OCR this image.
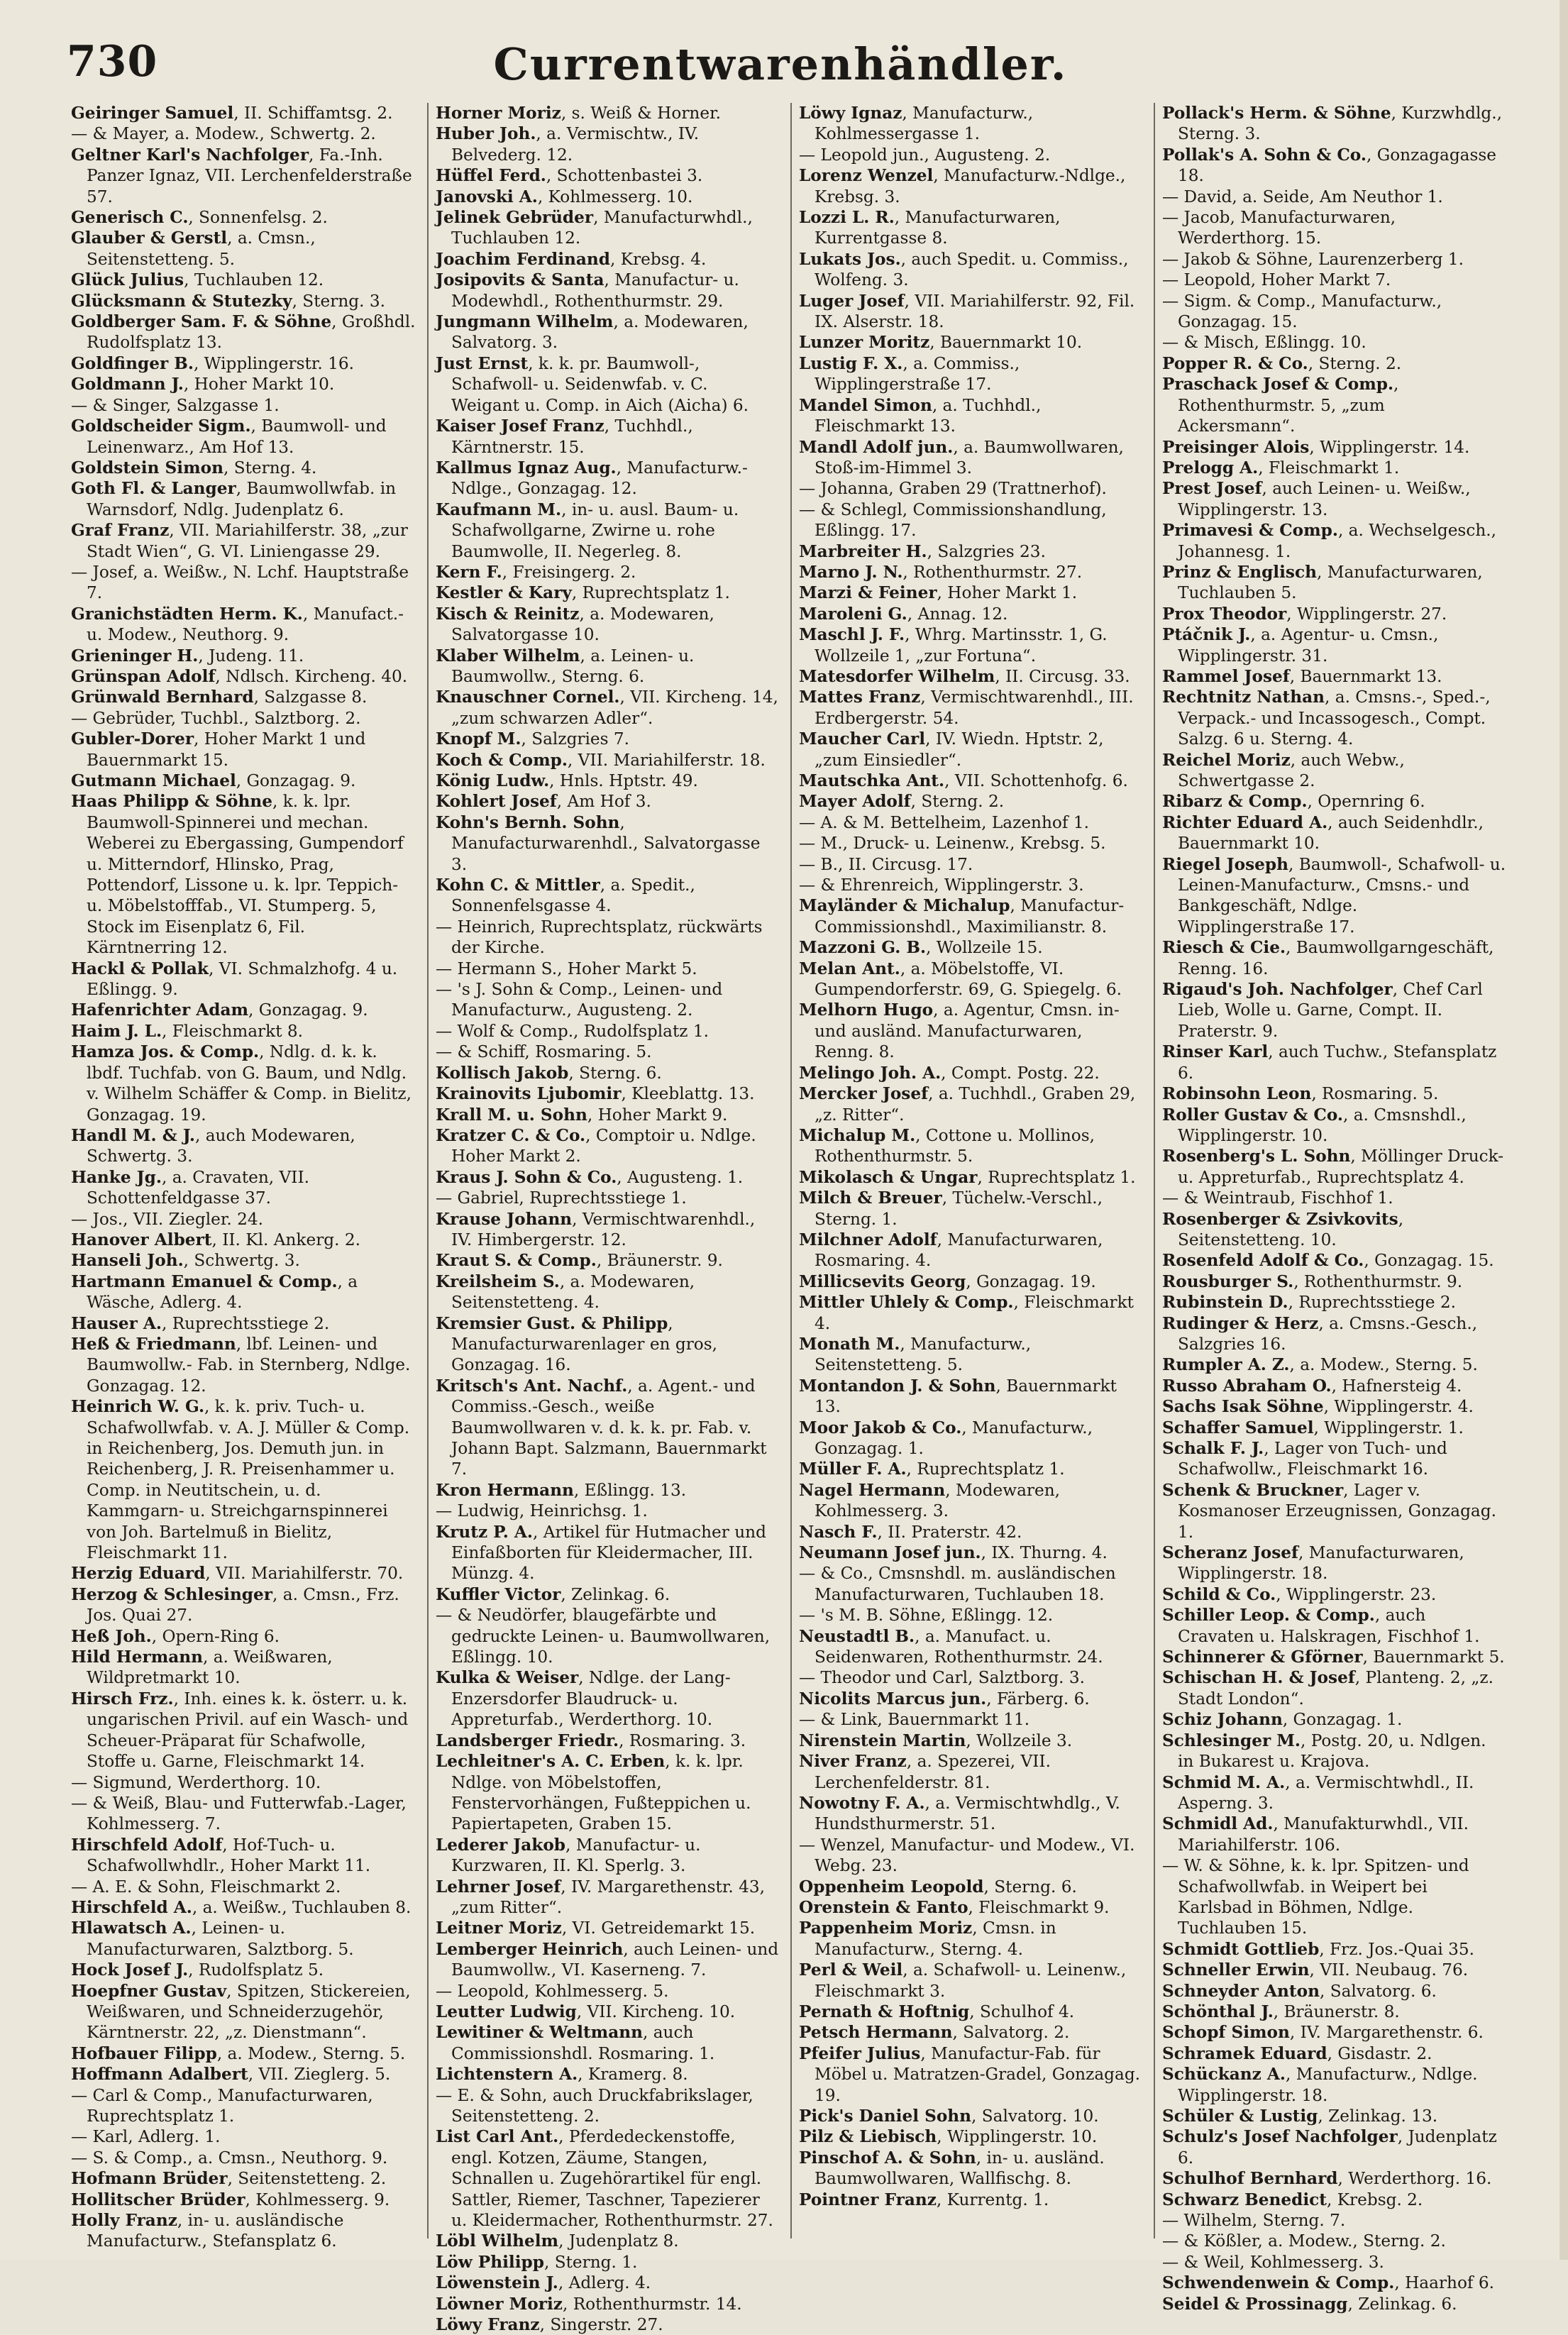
730	Currentwarenhändler.

Geiringer Samuel, II. Schiffamtsg. 2.

— & Mayer, a. Modew., Schwertg. 2.

Geltner Karl's Nachfolger, Fa.-Inh. Panzer Ignaz, VII. Lerchenfelderstraße 57.

Generisch C., Sonnenfelsg. 2.

Glauber & Gerstl, a. Cmsn., Seitenstetteng. 5.

Glück Julius, Tuchlauben 12.

Glücksmann & Stutezky, Sterng. 3.

Goldberger Sam. F. & Söhne, Großhdl. Rudolfsplatz 13.

Goldfinger B., Wipplingerstr. 16.

Goldmann J., Hoher Markt 10.

— & Singer, Salzgasse 1.

Goldscheider Sigm., Baumwoll- und Leinenwarz., Am Hof 13.

Goldstein Simon, Sterng. 4.

Goth Fl. & Langer, Baumwollwfab. in Warnsdorf, Ndlg. Judenplatz 6.

Graf Franz, VII. Mariahilferstr. 38, „zur Stadt Wien“, G. VI. Liniengasse 29.

— Josef, a. Weißw., N. Lchf. Hauptstraße 7.

Granichstädten Herm. K., Manufact.- u. Modew., Neuthorg. 9.

Grieninger H., Judeng. 11.

Grünspan Adolf, Ndlsch. Kircheng. 40.

Grünwald Bernhard, Salzgasse 8.

— Gebrüder, Tuchbl., Salztborg. 2.

Gubler-Dorer, Hoher Markt 1 und Bauernmarkt 15.

Gutmann Michael, Gonzagag. 9.

Haas Philipp & Söhne, k. k. lpr. Baumwoll-Spinnerei und mechan. Weberei zu Ebergassing, Gumpendorf u. Mitterndorf, Hlinsko, Prag, Pottendorf, Lissone u. k. lpr. Teppich- u. Möbelstofffab., VI. Stumperg. 5, Stock im Eisenplatz 6, Fil. Kärntnerring 12.

Hackl & Pollak, VI. Schmalzhofg. 4 u. Eßlingg. 9.

Hafenrichter Adam, Gonzagag. 9.

Haim J. L., Fleischmarkt 8.

Hamza Jos. & Comp., Ndlg. d. k. k. lbdf. Tuchfab. von G. Baum, und Ndlg. v. Wilhelm Schäffer & Comp. in Bielitz, Gonzagag. 19.

Handl M. & J., auch Modewaren, Schwertg. 3.

Hanke Jg., a. Cravaten, VII. Schottenfeldgasse 37.

— Jos., VII. Ziegler. 24.

Hanover Albert, II. Kl. Ankerg. 2.

Hanseli Joh., Schwertg. 3.

Hartmann Emanuel & Comp., a Wäsche, Adlerg. 4.

Hauser A., Ruprechtsstiege 2.

Heß & Friedmann, lbf. Leinen- und Baumwollw.- Fab. in Sternberg, Ndlge. Gonzagag. 12.

Heinrich W. G., k. k. priv. Tuch- u. Schafwollwfab. v. A. J. Müller & Comp. in Reichenberg, Jos. Demuth jun. in Reichenberg, J. R. Preisenhammer u. Comp. in Neutitschein, u. d. Kammgarn- u. Streichgarnspinnerei von Joh. Bartelmuß in Bielitz, Fleischmarkt 11.

Herzig Eduard, VII. Mariahilferstr. 70.

Herzog & Schlesinger, a. Cmsn., Frz. Jos. Quai 27.

Heß Joh., Opern-Ring 6.

Hild Hermann, a. Weißwaren, Wildpretmarkt 10.

Hirsch Frz., Inh. eines k. k. österr. u. k. ungarischen Privil. auf ein Wasch- und Scheuer-Präparat für Schafwolle, Stoffe u. Garne, Fleischmarkt 14.

— Sigmund, Werderthorg. 10.

— & Weiß, Blau- und Futterwfab.-Lager, Kohlmesserg. 7.

Hirschfeld Adolf, Hof-Tuch- u. Schafwollwhdlr., Hoher Markt 11.

— A. E. & Sohn, Fleischmarkt 2.

Hirschfeld A., a. Weißw., Tuchlauben 8.

Hlawatsch A., Leinen- u. Manufacturwaren, Salztborg. 5.

Hock Josef J., Rudolfsplatz 5.

Hoepfner Gustav, Spitzen, Stickereien, Weißwaren, und Schneiderzugehör, Kärntnerstr. 22, „z. Dienstmann“.

Hofbauer Filipp, a. Modew., Sterng. 5.

Hoffmann Adalbert, VII. Zieglerg. 5.

— Carl & Comp., Manufacturwaren, Ruprechtsplatz 1.

— Karl, Adlerg. 1.

— S. & Comp., a. Cmsn., Neuthorg. 9.

Hofmann Brüder, Seitenstetteng. 2.

Hollitscher Brüder, Kohlmesserg. 9.

Holly Franz, in- u. ausländische Manufacturw., Stefansplatz 6.

Horner Moriz, s. Weiß & Horner.

Huber Joh., a. Vermischtw., IV. Belvederg. 12.

Hüffel Ferd., Schottenbastei 3.

Janovski A., Kohlmesserg. 10.

Jelinek Gebrüder, Manufacturwhdl., Tuchlauben 12.

Joachim Ferdinand, Krebsg. 4.

Josipovits & Santa, Manufactur- u. Modewhdl., Rothenthurmstr. 29.

Jungmann Wilhelm, a. Modewaren, Salvatorg. 3.

Just Ernst, k. k. pr. Baumwoll-, Schafwoll- u. Seidenwfab. v. C. Weigant u. Comp. in Aich (Aicha) 6.

Kaiser Josef Franz, Tuchhdl., Kärntnerstr. 15.

Kallmus Ignaz Aug., Manufacturw.-Ndlge., Gonzagag. 12.

Kaufmann M., in- u. ausl. Baum- u. Schafwollgarne, Zwirne u. rohe Baumwolle, II. Negerleg. 8.

Kern F., Freisingerg. 2.

Kestler & Kary, Ruprechtsplatz 1.

Kisch & Reinitz, a. Modewaren, Salvatorgasse 10.

Klaber Wilhelm, a. Leinen- u. Baumwollw., Sterng. 6.

Knauschner Cornel., VII. Kircheng. 14, „zum schwarzen Adler“.

Knopf M., Salzgries 7.

Koch & Comp., VII. Mariahilferstr. 18.

König Ludw., Hnls. Hptstr. 49.

Kohlert Josef, Am Hof 3.

Kohn's Bernh. Sohn, Manufacturwarenhdl., Salvatorgasse 3.

Kohn C. & Mittler, a. Spedit., Sonnenfelsgasse 4.

— Heinrich, Ruprechtsplatz, rückwärts der Kirche.

— Hermann S., Hoher Markt 5.

— 's J. Sohn & Comp., Leinen- und Manufacturw., Augusteng. 2.

— Wolf & Comp., Rudolfsplatz 1.

— & Schiff, Rosmaring. 5.

Kollisch Jakob, Sterng. 6.

Krainovits Ljubomir, Kleeblattg. 13.

Krall M. u. Sohn, Hoher Markt 9.

Kratzer C. & Co., Comptoir u. Ndlge. Hoher Markt 2.

Kraus J. Sohn & Co., Augusteng. 1.

— Gabriel, Ruprechtsstiege 1.

Krause Johann, Vermischtwarenhdl., IV. Himbergerstr. 12.

Kraut S. & Comp., Bräunerstr. 9.

Kreilsheim S., a. Modewaren, Seitenstetteng. 4.

Kremsier Gust. & Philipp, Manufacturwarenlager en gros, Gonzagag. 16.

Kritsch's Ant. Nachf., a. Agent.- und Commiss.-Gesch., weiße Baumwollwaren v. d. k. k. pr. Fab. v. Johann Bapt. Salzmann, Bauernmarkt 7.

Kron Hermann, Eßlingg. 13.

— Ludwig, Heinrichsg. 1.

Krutz P. A., Artikel für Hutmacher und Einfaßborten für Kleidermacher, III. Münzg. 4.

Kuffler Victor, Zelinkag. 6.

— & Neudörfer, blaugefärbte und gedruckte Leinen- u. Baumwollwaren, Eßlingg. 10.

Kulka & Weiser, Ndlge. der Lang-Enzersdorfer Blaudruck- u. Appreturfab., Werderthorg. 10.

Landsberger Friedr., Rosmaring. 3.

Lechleitner's A. C. Erben, k. k. lpr. Ndlge. von Möbelstoffen, Fenstervorhängen, Fußteppichen u. Papiertapeten, Graben 15.

Lederer Jakob, Manufactur- u. Kurzwaren, II. Kl. Sperlg. 3.

Lehrner Josef, IV. Margarethenstr. 43, „zum Ritter“.

Leitner Moriz, VI. Getreidemarkt 15.

Lemberger Heinrich, auch Leinen- und Baumwollw., VI. Kaserneng. 7.

— Leopold, Kohlmesserg. 5.

Leutter Ludwig, VII. Kircheng. 10.

Lewitiner & Weltmann, auch Commissionshdl. Rosmaring. 1.

Lichtenstern A., Kramerg. 8.

— E. & Sohn, auch Druckfabrikslager, Seitenstetteng. 2.

List Carl Ant., Pferdedeckenstoffe, engl. Kotzen, Zäume, Stangen, Schnallen u. Zugehörartikel für engl. Sattler, Riemer, Taschner, Tapezierer u. Kleidermacher, Rothenthurmstr. 27.

Löbl Wilhelm, Judenplatz 8.

Löw Philipp, Sterng. 1.

Löwenstein J., Adlerg. 4.

Löwner Moriz, Rothenthurmstr. 14.

Löwy Franz, Singerstr. 27.

Löwy Ignaz, Manufacturw., Kohlmessergasse 1.

— Leopold jun., Augusteng. 2.

Lorenz Wenzel, Manufacturw.-Ndlge., Krebsg. 3.

Lozzi L. R., Manufacturwaren, Kurrentgasse 8.

Lukats Jos., auch Spedit. u. Commiss., Wolfeng. 3.

Luger Josef, VII. Mariahilferstr. 92, Fil. IX. Alserstr. 18.

Lunzer Moritz, Bauernmarkt 10.

Lustig F. X., a. Commiss., Wipplingerstraße 17.

Mandel Simon, a. Tuchhdl., Fleischmarkt 13.

Mandl Adolf jun., a. Baumwollwaren, Stoß-im-Himmel 3.

— Johanna, Graben 29 (Trattnerhof).

— & Schlegl, Commissionshandlung, Eßlingg. 17.

Marbreiter H., Salzgries 23.

Marno J. N., Rothenthurmstr. 27.

Marzi & Feiner, Hoher Markt 1.

Maroleni G., Annag. 12.

Maschl J. F., Whrg. Martinsstr. 1, G. Wollzeile 1, „zur Fortuna“.

Matesdorfer Wilhelm, II. Circusg. 33.

Mattes Franz, Vermischtwarenhdl., III. Erdbergerstr. 54.

Maucher Carl, IV. Wiedn. Hptstr. 2, „zum Einsiedler“.

Mautschka Ant., VII. Schottenhofg. 6.

Mayer Adolf, Sterng. 2.

— A. & M. Bettelheim, Lazenhof 1.

— M., Druck- u. Leinenw., Krebsg. 5.

— B., II. Circusg. 17.

— & Ehrenreich, Wipplingerstr. 3.

Mayländer & Michalup, Manufactur-Commissionshdl., Maximilianstr. 8.

Mazzoni G. B., Wollzeile 15.

Melan Ant., a. Möbelstoffe, VI. Gumpendorferstr. 69, G. Spiegelg. 6.

Melhorn Hugo, a. Agentur, Cmsn. in- und ausländ. Manufacturwaren, Renng. 8.

Melingo Joh. A., Compt. Postg. 22.

Mercker Josef, a. Tuchhdl., Graben 29, „z. Ritter“.

Michalup M., Cottone u. Mollinos, Rothenthurmstr. 5.

Mikolasch & Ungar, Ruprechtsplatz 1.

Milch & Breuer, Tüchelw.-Verschl., Sterng. 1.

Milchner Adolf, Manufacturwaren, Rosmaring. 4.

Millicsevits Georg, Gonzagag. 19.

Mittler Uhlely & Comp., Fleischmarkt 4.

Monath M., Manufacturw., Seitenstetteng. 5.

Montandon J. & Sohn, Bauernmarkt 13.

Moor Jakob & Co., Manufacturw., Gonzagag. 1.

Müller F. A., Ruprechtsplatz 1.

Nagel Hermann, Modewaren, Kohlmesserg. 3.

Nasch F., II. Praterstr. 42.

Neumann Josef jun., IX. Thurng. 4.

— & Co., Cmsnshdl. m. ausländischen Manufacturwaren, Tuchlauben 18.

— 's M. B. Söhne, Eßlingg. 12.

Neustadtl B., a. Manufact. u. Seidenwaren, Rothenthurmstr. 24.

— Theodor und Carl, Salztborg. 3.

Nicolits Marcus jun., Färberg. 6.

— & Link, Bauernmarkt 11.

Nirenstein Martin, Wollzeile 3.

Niver Franz, a. Spezerei, VII. Lerchenfelderstr. 81.

Nowotny F. A., a. Vermischtwhdlg., V. Hundsthurmerstr. 51.

— Wenzel, Manufactur- und Modew., VI. Webg. 23.

Oppenheim Leopold, Sterng. 6.

Orenstein & Fanto, Fleischmarkt 9.

Pappenheim Moriz, Cmsn. in Manufacturw., Sterng. 4.

Perl & Weil, a. Schafwoll- u. Leinenw., Fleischmarkt 3.

Pernath & Hoftnig, Schulhof 4.

Petsch Hermann, Salvatorg. 2.

Pfeifer Julius, Manufactur-Fab. für Möbel u. Matratzen-Gradel, Gonzagag. 19.

Pick's Daniel Sohn, Salvatorg. 10.

Pilz & Liebisch, Wipplingerstr. 10.

Pinschof A. & Sohn, in- u. ausländ. Baumwollwaren, Wallfischg. 8.

Pointner Franz, Kurrentg. 1.

Pollack's Herm. & Söhne, Kurzwhdlg., Sterng. 3.

Pollak's A. Sohn & Co., Gonzagagasse 18.

— David, a. Seide, Am Neuthor 1.

— Jacob, Manufacturwaren, Werderthorg. 15.

— Jakob & Söhne, Laurenzerberg 1.

— Leopold, Hoher Markt 7.

— Sigm. & Comp., Manufacturw., Gonzagag. 15.

— & Misch, Eßlingg. 10.

Popper R. & Co., Sterng. 2.

Praschack Josef & Comp., Rothenthurmstr. 5, „zum Ackersmann“.

Preisinger Alois, Wipplingerstr. 14.

Prelogg A., Fleischmarkt 1.

Prest Josef, auch Leinen- u. Weißw., Wipplingerstr. 13.

Primavesi & Comp., a. Wechselgesch., Johannesg. 1.

Prinz & Englisch, Manufacturwaren, Tuchlauben 5.

Prox Theodor, Wipplingerstr. 27.

Ptáčnik J., a. Agentur- u. Cmsn., Wipplingerstr. 31.

Rammel Josef, Bauernmarkt 13.

Rechtnitz Nathan, a. Cmsns.-, Sped.-, Verpack.- und Incassogesch., Compt. Salzg. 6 u. Sterng. 4.

Reichel Moriz, auch Webw., Schwertgasse 2.

Ribarz & Comp., Opernring 6.

Richter Eduard A., auch Seidenhdlr., Bauernmarkt 10.

Riegel Joseph, Baumwoll-, Schafwoll- u. Leinen-Manufacturw., Cmsns.- und Bankgeschäft, Ndlge. Wipplingerstraße 17.

Riesch & Cie., Baumwollgarngeschäft, Renng. 16.

Rigaud's Joh. Nachfolger, Chef Carl Lieb, Wolle u. Garne, Compt. II. Praterstr. 9.

Rinser Karl, auch Tuchw., Stefansplatz 6.

Robinsohn Leon, Rosmaring. 5.

Roller Gustav & Co., a. Cmsnshdl., Wipplingerstr. 10.

Rosenberg's L. Sohn, Möllinger Druck- u. Appreturfab., Ruprechtsplatz 4.

— & Weintraub, Fischhof 1.

Rosenberger & Zsivkovits, Seitenstetteng. 10.

Rosenfeld Adolf & Co., Gonzagag. 15.

Rousburger S., Rothenthurmstr. 9.

Rubinstein D., Ruprechtsstiege 2.

Rudinger & Herz, a. Cmsns.-Gesch., Salzgries 16.

Rumpler A. Z., a. Modew., Sterng. 5.

Russo Abraham O., Hafnersteig 4.

Sachs Isak Söhne, Wipplingerstr. 4.

Schaffer Samuel, Wipplingerstr. 1.

Schalk F. J., Lager von Tuch- und Schafwollw., Fleischmarkt 16.

Schenk & Bruckner, Lager v. Kosmanoser Erzeugnissen, Gonzagag. 1.

Scheranz Josef, Manufacturwaren, Wipplingerstr. 18.

Schild & Co., Wipplingerstr. 23.

Schiller Leop. & Comp., auch Cravaten u. Halskragen, Fischhof 1.

Schinnerer & Gförner, Bauernmarkt 5.

Schischan H. & Josef, Planteng. 2, „z. Stadt London“.

Schiz Johann, Gonzagag. 1.

Schlesinger M., Postg. 20, u. Ndlgen. in Bukarest u. Krajova.

Schmid M. A., a. Vermischtwhdl., II. Asperng. 3.

Schmidl Ad., Manufakturwhdl., VII. Mariahilferstr. 106.

— W. & Söhne, k. k. lpr. Spitzen- und Schafwollwfab. in Weipert bei Karlsbad in Böhmen, Ndlge. Tuchlauben 15.

Schmidt Gottlieb, Frz. Jos.-Quai 35.

Schneller Erwin, VII. Neubaug. 76.

Schneyder Anton, Salvatorg. 6.

Schönthal J., Bräunerstr. 8.

Schopf Simon, IV. Margarethenstr. 6.

Schramek Eduard, Gisdastr. 2.

Schückanz A., Manufacturw., Ndlge. Wipplingerstr. 18.

Schüler & Lustig, Zelinkag. 13.

Schulz's Josef Nachfolger, Judenplatz 6.

Schulhof Bernhard, Werderthorg. 16.

Schwarz Benedict, Krebsg. 2.

— Wilhelm, Sterng. 7.

— & Kößler, a. Modew., Sterng. 2.

— & Weil, Kohlmesserg. 3.

Schwendenwein & Comp., Haarhof 6.

Seidel & Prossinagg, Zelinkag. 6.
